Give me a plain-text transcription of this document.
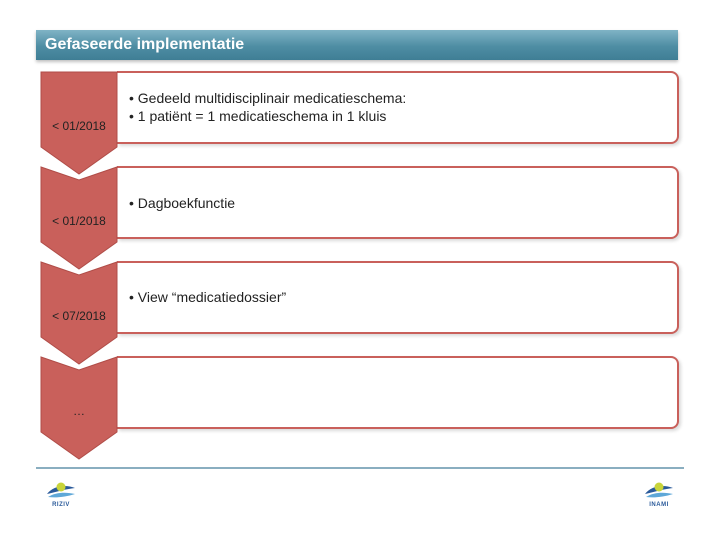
Gefaseerde implementatie
• Gedeeld multidisciplinair medicatieschema:
• 1 patiënt = 1 medicatieschema in 1 kluis
< 01/2018
• Dagboekfunctie
< 01/2018
• View “medicatiedossier”
< 07/2018
…
RIZIV	INAMI
